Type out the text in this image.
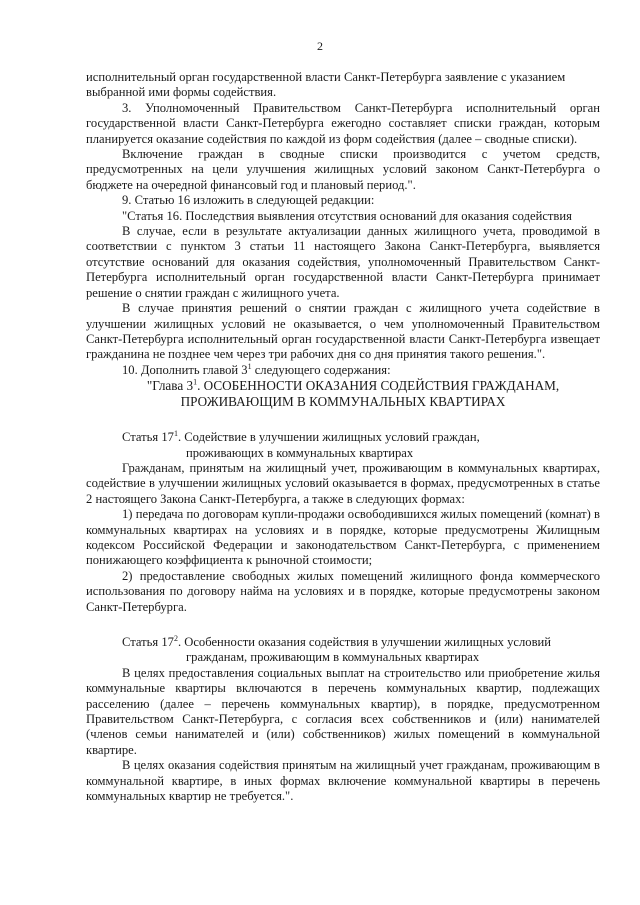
2

исполнительный орган государственной власти Санкт-Петербурга заявление с указанием выбранной ими формы содействия.

3. Уполномоченный Правительством Санкт-Петербурга исполнительный орган государственной власти Санкт-Петербурга ежегодно составляет списки граждан, которым планируется оказание содействия по каждой из форм содействия (далее – сводные списки).

Включение граждан в сводные списки производится с учетом средств, предусмотренных на цели улучшения жилищных условий законом Санкт-Петербурга о бюджете на очередной финансовый год и плановый период.".

9. Статью 16 изложить в следующей редакции:

"Статья 16. Последствия выявления отсутствия оснований для оказания содействия

В случае, если в результате актуализации данных жилищного учета, проводимой в соответствии с пунктом 3 статьи 11 настоящего Закона Санкт-Петербурга, выявляется отсутствие оснований для оказания содействия, уполномоченный Правительством Санкт-Петербурга исполнительный орган государственной власти Санкт-Петербурга принимает решение о снятии граждан с жилищного учета.

В случае принятия решений о снятии граждан с жилищного учета содействие в улучшении жилищных условий не оказывается, о чем уполномоченный Правительством Санкт-Петербурга исполнительный орган государственной власти Санкт-Петербурга извещает гражданина не позднее чем через три рабочих дня со дня принятия такого решения.".

10. Дополнить главой $3^1$ следующего содержания:

"Глава $3^1$. ОСОБЕННОСТИ ОКАЗАНИЯ СОДЕЙСТВИЯ ГРАЖДАНАМ,

ПРОЖИВАЮЩИМ В КОММУНАЛЬНЫХ КВАРТИРАХ

Статья $17^1$. Содействие в улучшении жилищных условий граждан,
проживающих в коммунальных квартирах

Гражданам, принятым на жилищный учет, проживающим в коммунальных квартирах, содействие в улучшении жилищных условий оказывается в формах, предусмотренных в статье 2 настоящего Закона Санкт-Петербурга, а также в следующих формах:

1) передача по договорам купли-продажи освободившихся жилых помещений (комнат) в коммунальных квартирах на условиях и в порядке, которые предусмотрены Жилищным кодексом Российской Федерации и законодательством Санкт-Петербурга, с применением понижающего коэффициента к рыночной стоимости;

2) предоставление свободных жилых помещений жилищного фонда коммерческого использования по договору найма на условиях и в порядке, которые предусмотрены законом Санкт-Петербурга.

Статья $17^2$. Особенности оказания содействия в улучшении жилищных условий
гражданам, проживающим в коммунальных квартирах

В целях предоставления социальных выплат на строительство или приобретение жилья коммунальные квартиры включаются в перечень коммунальных квартир, подлежащих расселению (далее – перечень коммунальных квартир), в порядке, предусмотренном Правительством Санкт-Петербурга, с согласия всех собственников и (или) нанимателей (членов семьи нанимателей и (или) собственников) жилых помещений в коммунальной квартире.

В целях оказания содействия принятым на жилищный учет гражданам, проживающим в коммунальной квартире, в иных формах включение коммунальной квартиры в перечень коммунальных квартир не требуется.".
